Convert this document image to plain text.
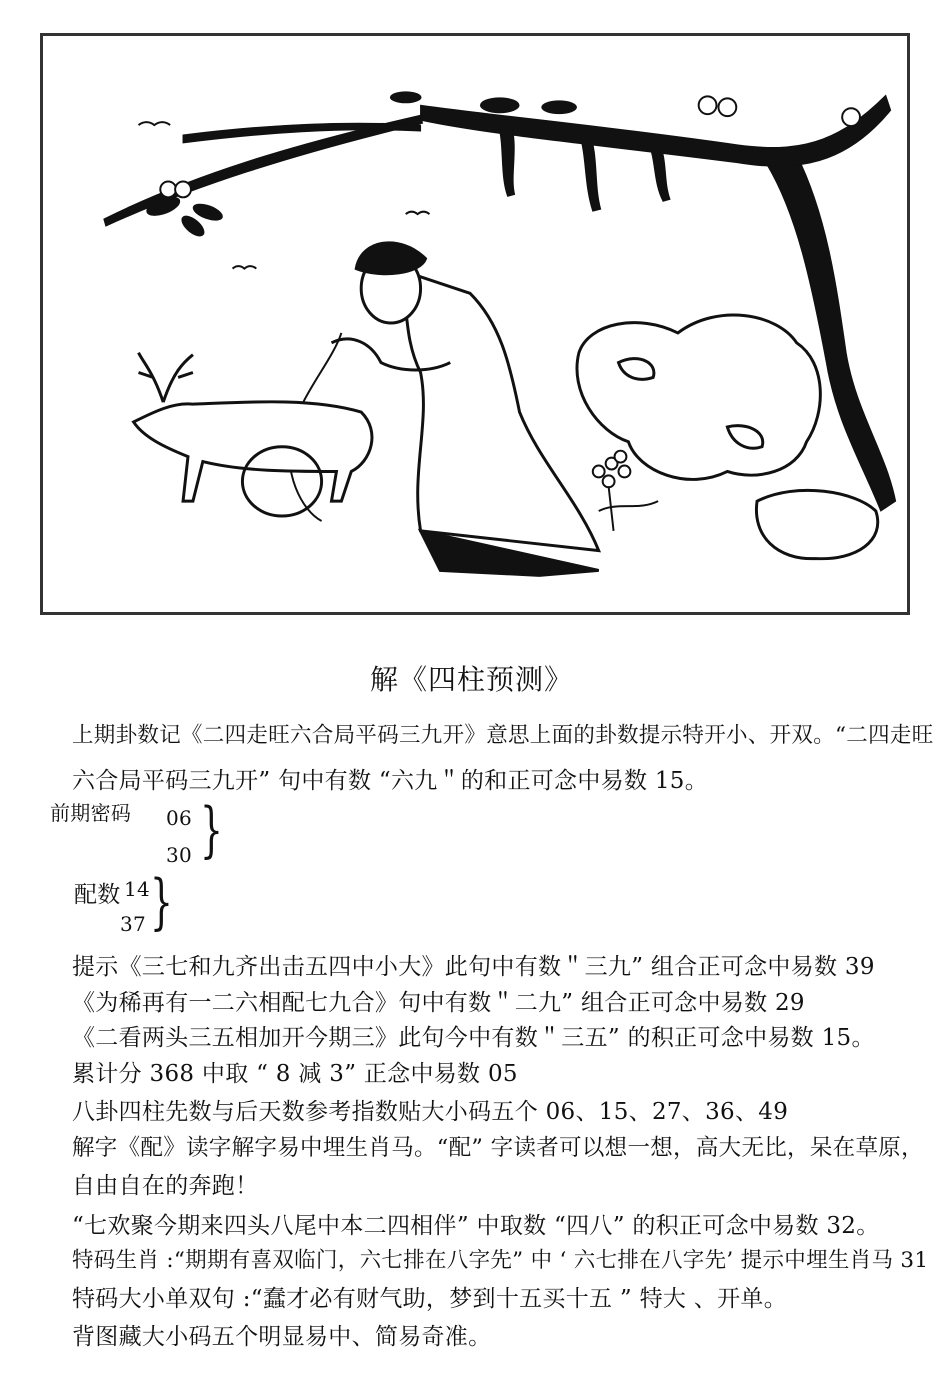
解《四柱预测》
上期卦数记《二四走旺六合局平码三九开》意思上面的卦数提示特开小、开双。“二四走旺
六合局平码三九开” 句中有数 “六九＂的和正可念中易数 15。
前期密码 06
30 }
配数 14
37 }
提示《三七和九齐出击五四中小大》此句中有数＂三九” 组合正可念中易数 39
《为稀再有一二六相配七九合》句中有数＂二九” 组合正可念中易数 29
《二看两头三五相加开今期三》此句今中有数＂三五” 的积正可念中易数 15。
累计分 368 中取 “ 8 减 3” 正念中易数 05
八卦四柱先数与后天数参考指数贴大小码五个 06、15、27、36、49
解字《配》读字解字易中埋生肖马。“配” 字读者可以想一想，高大无比，呆在草原，
自由自在的奔跑！
“七欢聚今期来四头八尾中本二四相伴” 中取数 “四八” 的积正可念中易数 32。
特码生肖 :“期期有喜双临门，六七排在八字先” 中 ‘ 六七排在八字先’ 提示中埋生肖马 31
特码大小单双句 :“蠢才必有财气助，梦到十五买十五 ” 特大 、开单。
背图藏大小码五个明显易中、简易奇准。
